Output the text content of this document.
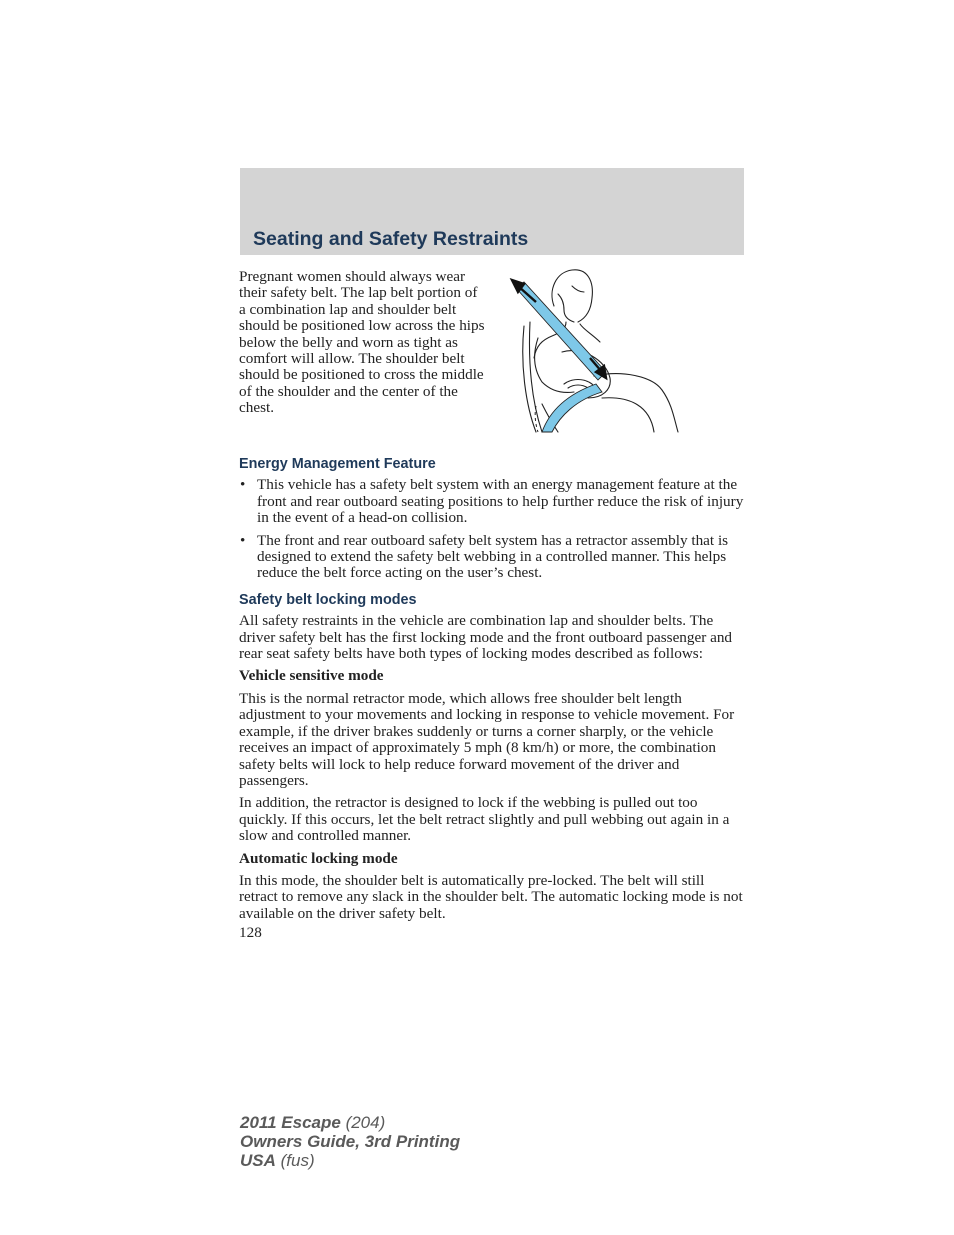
Seating and Safety Restraints

Pregnant women should always wear their safety belt. The lap belt portion of a combination lap and shoulder belt should be positioned low across the hips below the belly and worn as tight as comfort will allow. The shoulder belt should be positioned to cross the middle of the shoulder and the center of the chest.

Energy Management Feature
• This vehicle has a safety belt system with an energy management feature at the front and rear outboard seating positions to help further reduce the risk of injury in the event of a head-on collision.
• The front and rear outboard safety belt system has a retractor assembly that is designed to extend the safety belt webbing in a controlled manner. This helps reduce the belt force acting on the user’s chest.
Safety belt locking modes

All safety restraints in the vehicle are combination lap and shoulder belts. The driver safety belt has the first locking mode and the front outboard passenger and rear seat safety belts have both types of locking modes described as follows:

Vehicle sensitive mode

This is the normal retractor mode, which allows free shoulder belt length adjustment to your movements and locking in response to vehicle movement. For example, if the driver brakes suddenly or turns a corner sharply, or the vehicle receives an impact of approximately 5 mph (8 km/h) or more, the combination safety belts will lock to help reduce forward movement of the driver and passengers.

In addition, the retractor is designed to lock if the webbing is pulled out too quickly. If this occurs, let the belt retract slightly and pull webbing out again in a slow and controlled manner.

Automatic locking mode

In this mode, the shoulder belt is automatically pre-locked. The belt will still retract to remove any slack in the shoulder belt. The automatic locking mode is not available on the driver safety belt.

128
2011 Escape (204)
Owners Guide, 3rd Printing
USA (fus)
